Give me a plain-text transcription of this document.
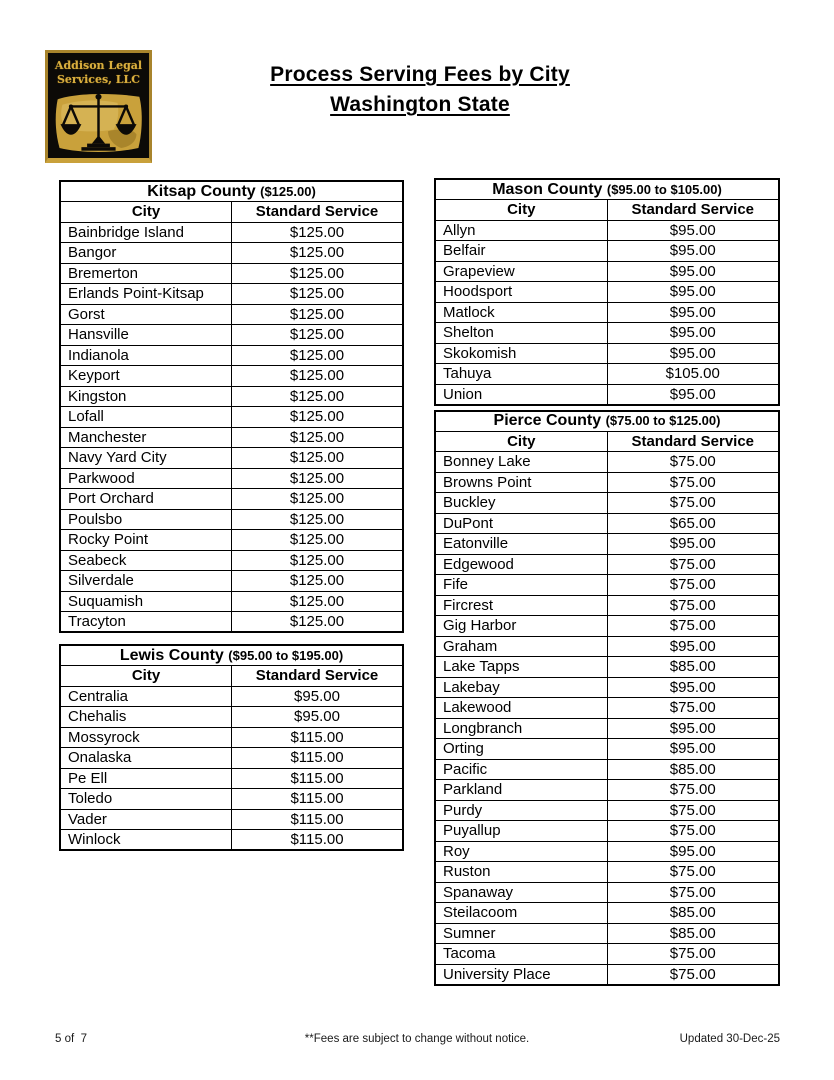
Addison Legal
Services, LLC	Process Serving Fees by City
Washington State
Kitsap County ($125.00)	
City	Standard Service
Bainbridge Island	$125.00
Bangor	$125.00
Bremerton	$125.00
Erlands Point-Kitsap	$125.00
Gorst	$125.00
Hansville	$125.00
Indianola	$125.00
Keyport	$125.00
Kingston	$125.00
Lofall	$125.00
Manchester	$125.00
Navy Yard City	$125.00
Parkwood	$125.00
Port Orchard	$125.00
Poulsbo	$125.00
Rocky Point	$125.00
Seabeck	$125.00
Silverdale	$125.00
Suquamish	$125.00
Tracyton	$125.00
Lewis County ($95.00 to $195.00)	
City	Standard Service
Centralia	$95.00
Chehalis	$95.00
Mossyrock	$115.00
Onalaska	$115.00
Pe Ell	$115.00
Toledo	$115.00
Vader	$115.00
Winlock	$115.00
Mason County ($95.00 to $105.00)	
City	Standard Service
Allyn	$95.00
Belfair	$95.00
Grapeview	$95.00
Hoodsport	$95.00
Matlock	$95.00
Shelton	$95.00
Skokomish	$95.00
Tahuya	$105.00
Union	$95.00
Pierce County ($75.00 to $125.00)	
City	Standard Service
Bonney Lake	$75.00
Browns Point	$75.00
Buckley	$75.00
DuPont	$65.00
Eatonville	$95.00
Edgewood	$75.00
Fife	$75.00
Fircrest	$75.00
Gig Harbor	$75.00
Graham	$95.00
Lake Tapps	$85.00
Lakebay	$95.00
Lakewood	$75.00
Longbranch	$95.00
Orting	$95.00
Pacific	$85.00
Parkland	$75.00
Purdy	$75.00
Puyallup	$75.00
Roy	$95.00
Ruston	$75.00
Spanaway	$75.00
Steilacoom	$85.00
Sumner	$85.00
Tacoma	$75.00
University Place	$75.00
5 of  7	**Fees are subject to change without notice.	Updated 30-Dec-25
